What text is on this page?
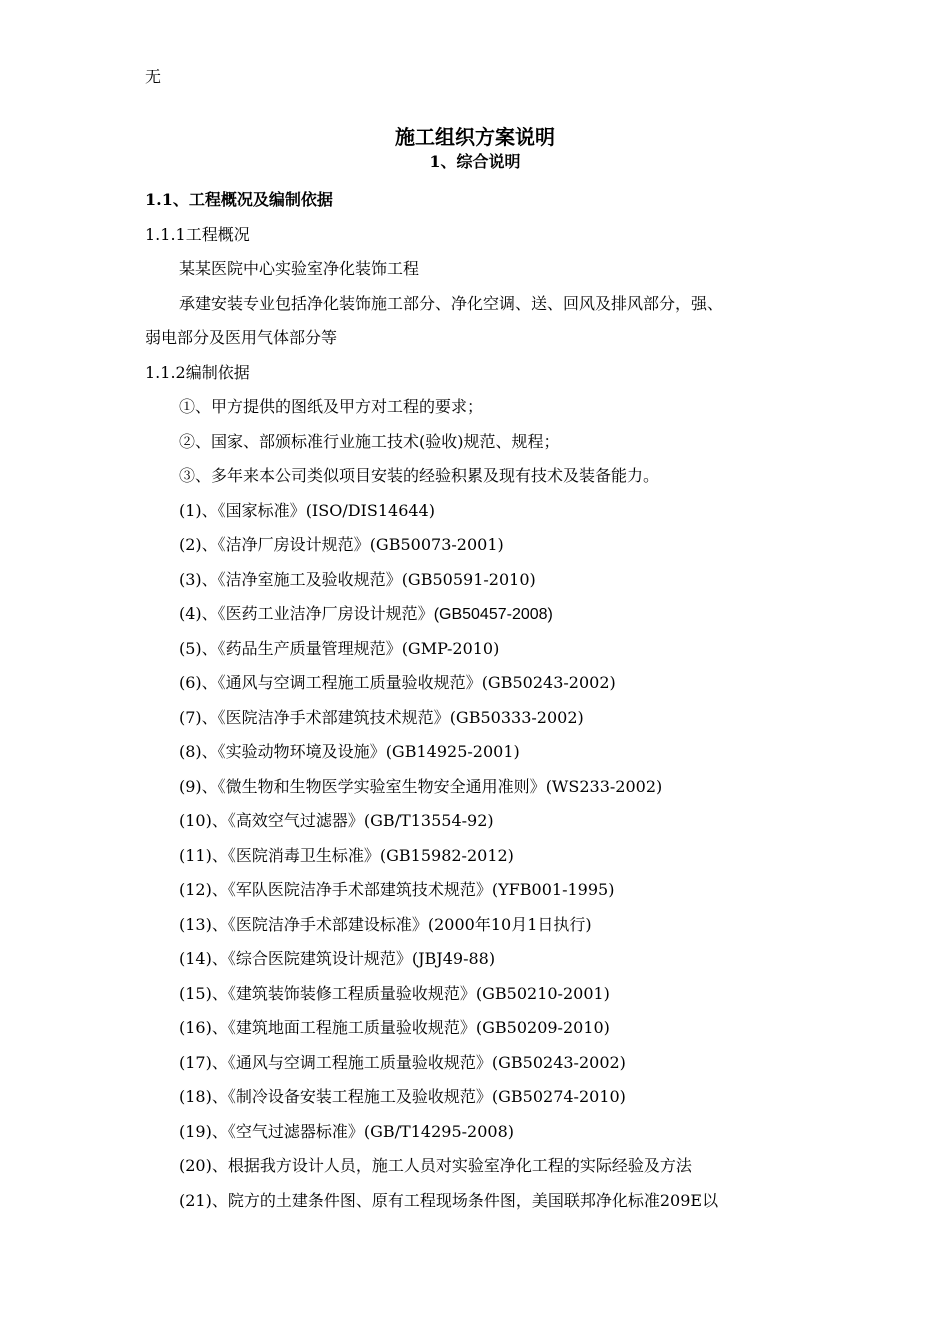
无
施工组织方案说明
1、综合说明
1.1、工程概况及编制依据
1.1.1工程概况
某某医院中心实验室净化装饰工程
承建安装专业包括净化装饰施工部分、净化空调、送、回风及排风部分，强、
弱电部分及医用气体部分等
1.1.2编制依据
①、甲方提供的图纸及甲方对工程的要求；
②、国家、部颁标准行业施工技术(验收)规范、规程；
③、多年来本公司类似项目安装的经验积累及现有技术及装备能力。
(1)、《国家标准》(ISO/DIS14644)
(2)、《洁净厂房设计规范》(GB50073-2001)
(3)、《洁净室施工及验收规范》(GB50591-2010)
(4)、《医药工业洁净厂房设计规范》(GB50457-2008)
(5)、《药品生产质量管理规范》(GMP-2010)
(6)、《通风与空调工程施工质量验收规范》(GB50243-2002)
(7)、《医院洁净手术部建筑技术规范》(GB50333-2002)
(8)、《实验动物环境及设施》(GB14925-2001)
(9)、《微生物和生物医学实验室生物安全通用准则》(WS233-2002)
(10)、《高效空气过滤器》(GB/T13554-92)
(11)、《医院消毒卫生标准》(GB15982-2012)
(12)、《军队医院洁净手术部建筑技术规范》(YFB001-1995)
(13)、《医院洁净手术部建设标准》(2000年10月1日执行)
(14)、《综合医院建筑设计规范》(JBJ49-88)
(15)、《建筑装饰装修工程质量验收规范》(GB50210-2001)
(16)、《建筑地面工程施工质量验收规范》(GB50209-2010)
(17)、《通风与空调工程施工质量验收规范》(GB50243-2002)
(18)、《制冷设备安装工程施工及验收规范》(GB50274-2010)
(19)、《空气过滤器标准》(GB/T14295-2008)
(20)、根据我方设计人员，施工人员对实验室净化工程的实际经验及方法
(21)、院方的土建条件图、原有工程现场条件图，美国联邦净化标准209E以
